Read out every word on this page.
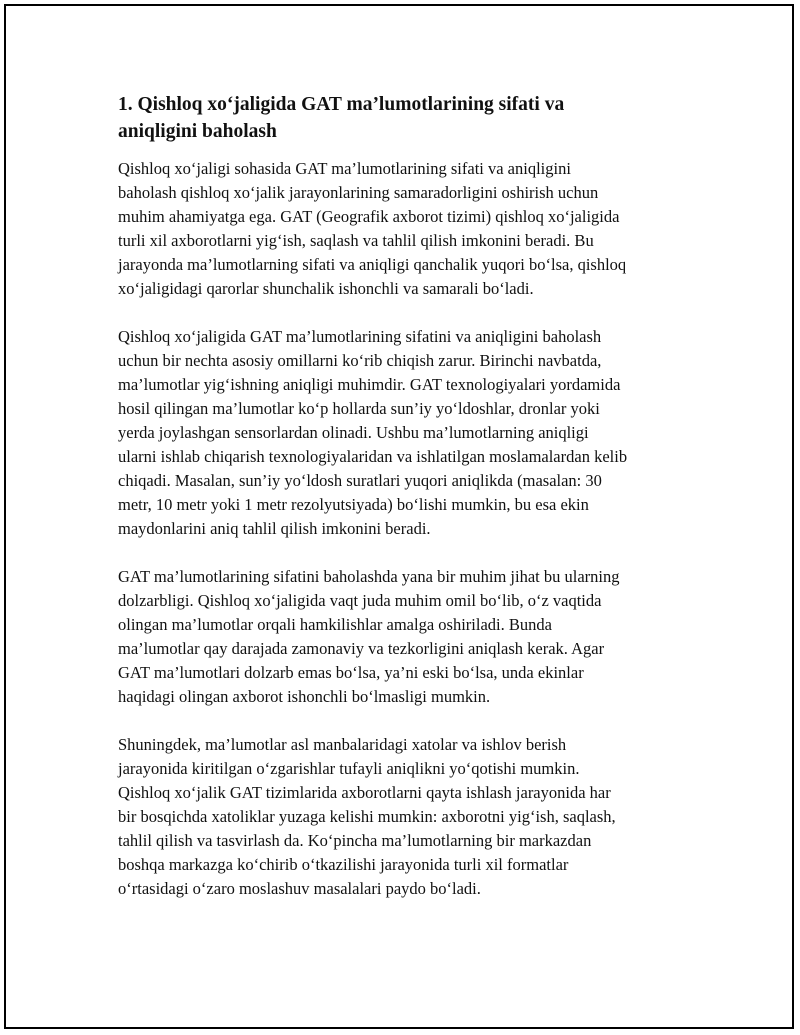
1. Qishloq xo‘jaligida GAT ma’lumotlarining sifati va
aniqligini baholash

Qishloq xo‘jaligi sohasida GAT ma’lumotlarining sifati va aniqligini
baholash qishloq xo‘jalik jarayonlarining samaradorligini oshirish uchun
muhim ahamiyatga ega. GAT (Geografik axborot tizimi) qishloq xo‘jaligida
turli xil axborotlarni yig‘ish, saqlash va tahlil qilish imkonini beradi. Bu
jarayonda ma’lumotlarning sifati va aniqligi qanchalik yuqori bo‘lsa, qishloq
xo‘jaligidagi qarorlar shunchalik ishonchli va samarali bo‘ladi.

Qishloq xo‘jaligida GAT ma’lumotlarining sifatini va aniqligini baholash
uchun bir nechta asosiy omillarni ko‘rib chiqish zarur. Birinchi navbatda,
ma’lumotlar yig‘ishning aniqligi muhimdir. GAT texnologiyalari yordamida
hosil qilingan ma’lumotlar ko‘p hollarda sun’iy yo‘ldoshlar, dronlar yoki
yerda joylashgan sensorlardan olinadi. Ushbu ma’lumotlarning aniqligi
ularni ishlab chiqarish texnologiyalaridan va ishlatilgan moslamalardan kelib
chiqadi. Masalan, sun’iy yo‘ldosh suratlari yuqori aniqlikda (masalan: 30
metr, 10 metr yoki 1 metr rezolyutsiyada) bo‘lishi mumkin, bu esa ekin
maydonlarini aniq tahlil qilish imkonini beradi.

GAT ma’lumotlarining sifatini baholashda yana bir muhim jihat bu ularning
dolzarbligi. Qishloq xo‘jaligida vaqt juda muhim omil bo‘lib, o‘z vaqtida
olingan ma’lumotlar orqali hamkilishlar amalga oshiriladi. Bunda
ma’lumotlar qay darajada zamonaviy va tezkorligini aniqlash kerak. Agar
GAT ma’lumotlari dolzarb emas bo‘lsa, ya’ni eski bo‘lsa, unda ekinlar
haqidagi olingan axborot ishonchli bo‘lmasligi mumkin.

Shuningdek, ma’lumotlar asl manbalaridagi xatolar va ishlov berish
jarayonida kiritilgan o‘zgarishlar tufayli aniqlikni yo‘qotishi mumkin.
Qishloq xo‘jalik GAT tizimlarida axborotlarni qayta ishlash jarayonida har
bir bosqichda xatoliklar yuzaga kelishi mumkin: axborotni yig‘ish, saqlash,
tahlil qilish va tasvirlash da. Ko‘pincha ma’lumotlarning bir markazdan
boshqa markazga ko‘chirib o‘tkazilishi jarayonida turli xil formatlar
o‘rtasidagi o‘zaro moslashuv masalalari paydo bo‘ladi.
